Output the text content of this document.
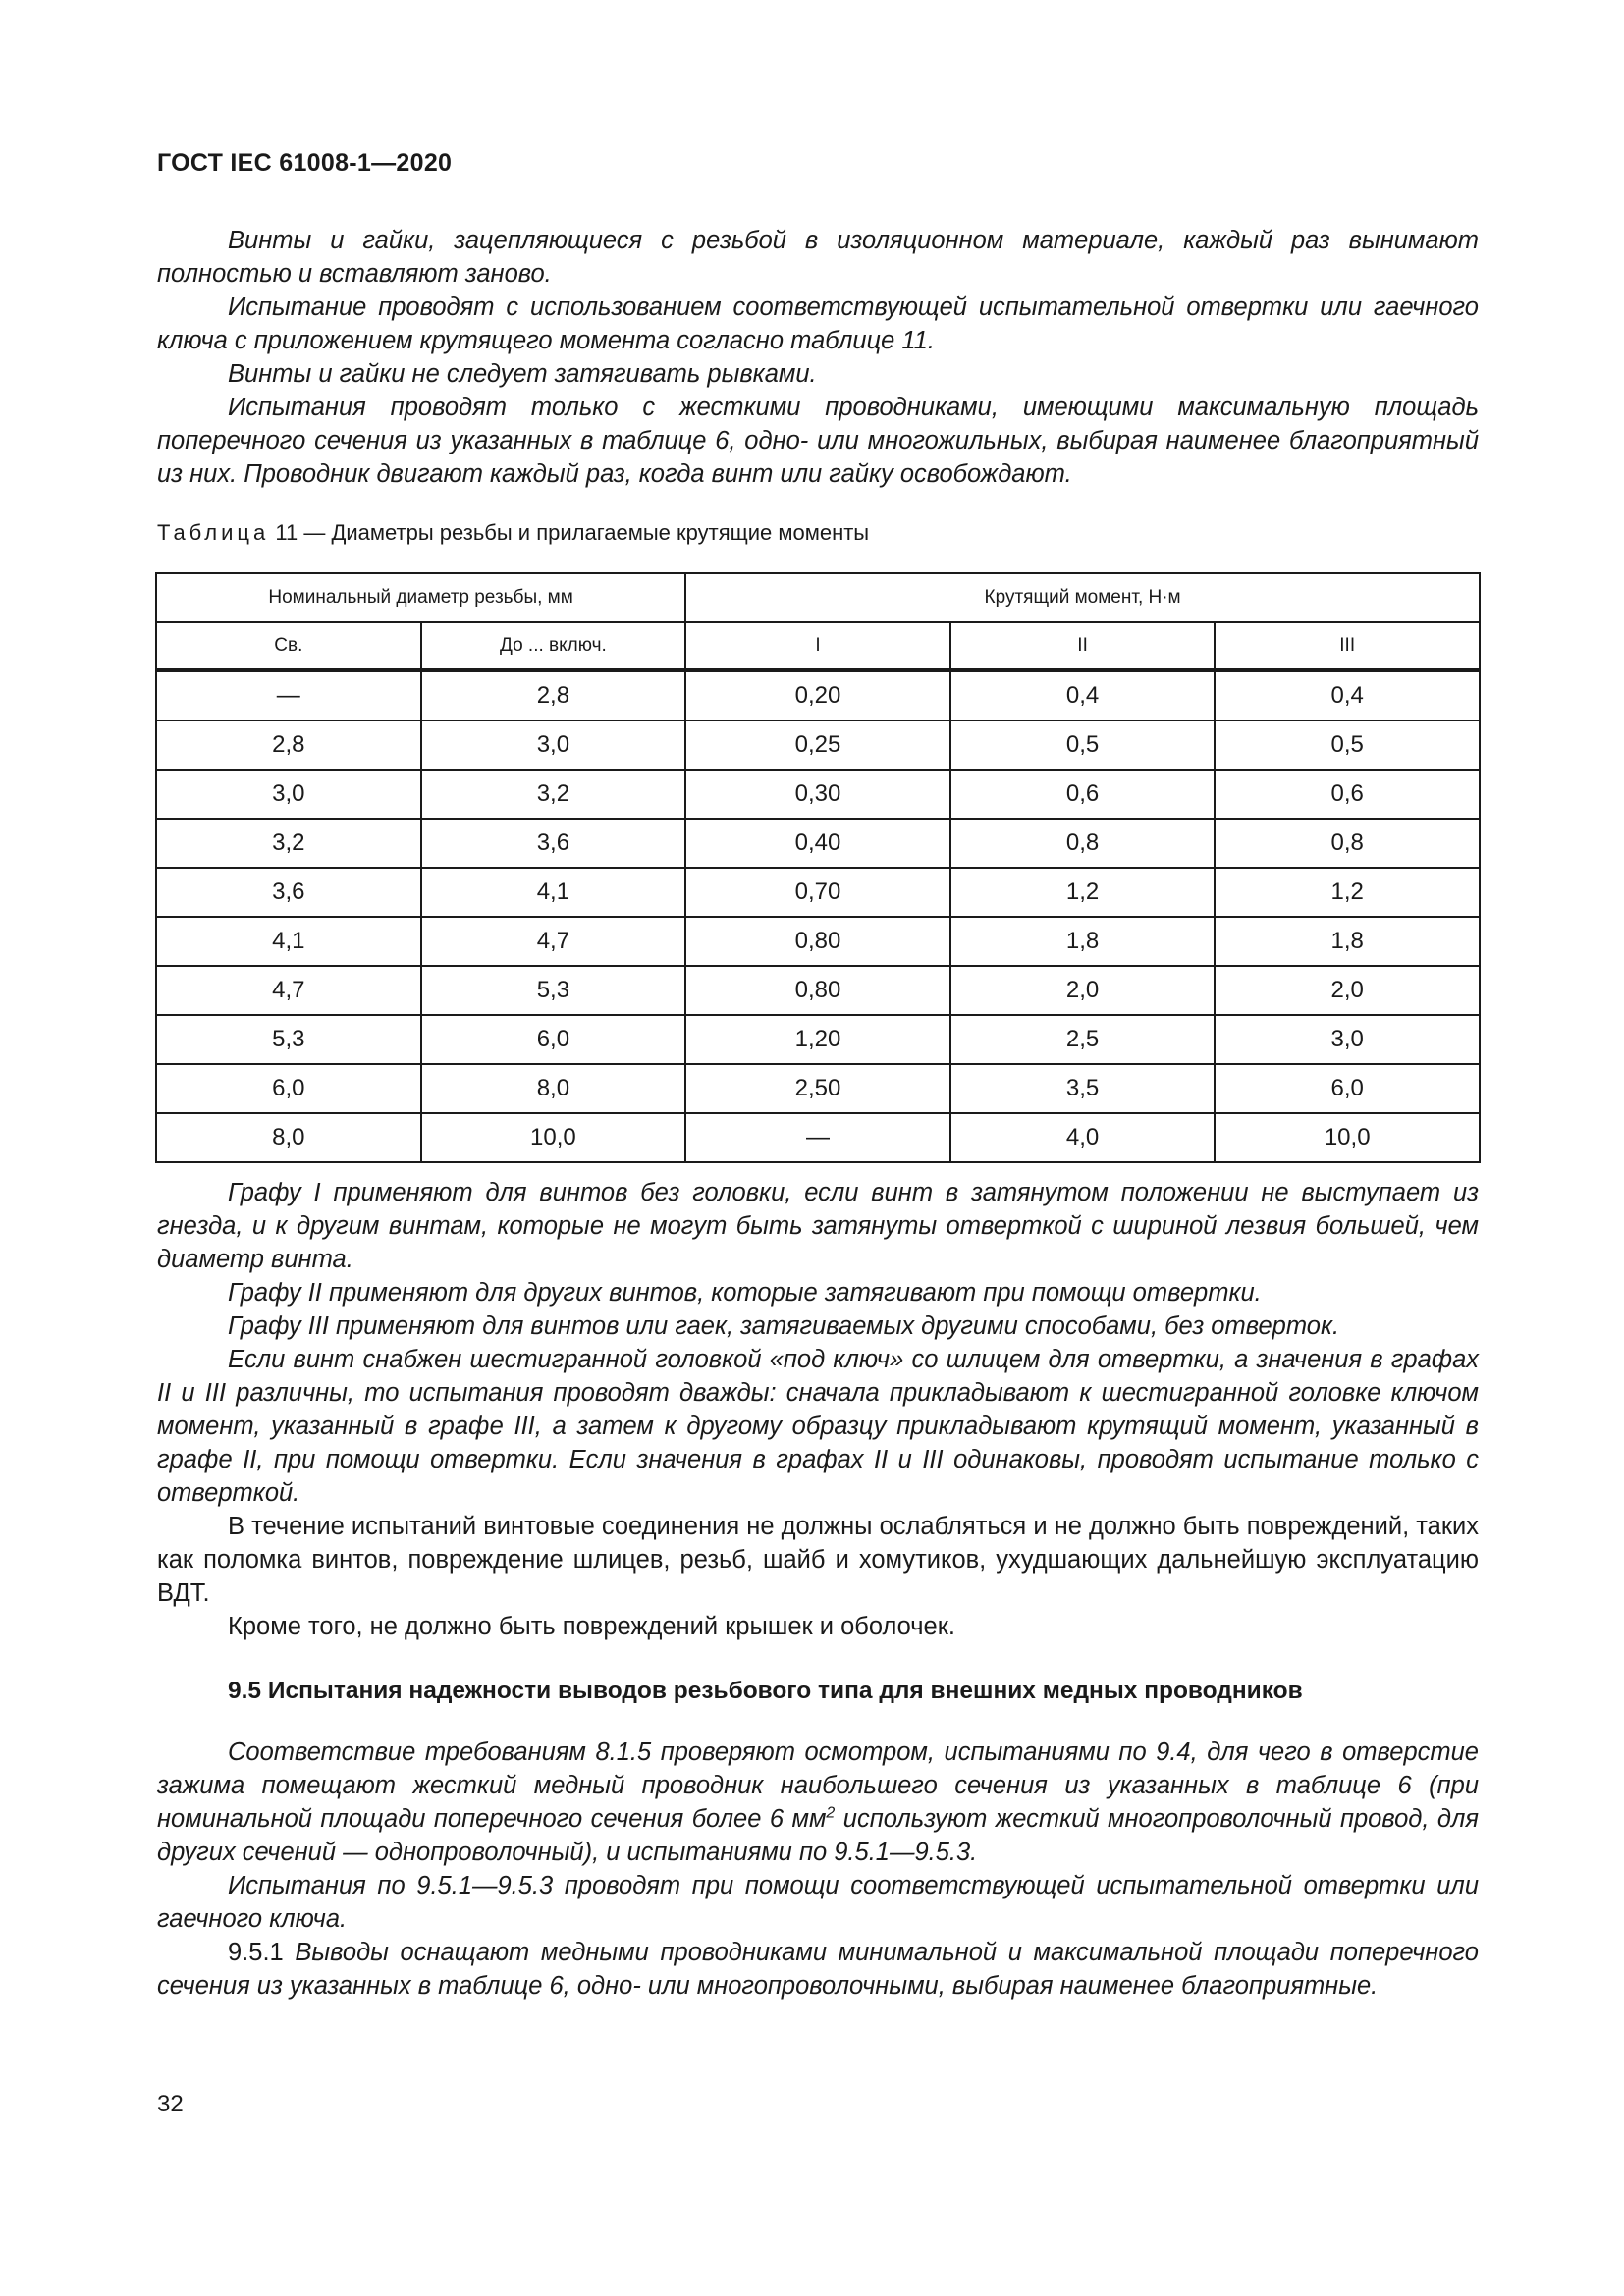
ГОСТ IEC 61008-1—2020

Винты и гайки, зацепляющиеся с резьбой в изоляционном материале, каждый раз вынимают полностью и вставляют заново.

Испытание проводят с использованием соответствующей испытательной отвертки или гаечного ключа с приложением крутящего момента согласно таблице 11.

Винты и гайки не следует затягивать рывками.

Испытания проводят только с жесткими проводниками, имеющими максимальную площадь поперечного сечения из указанных в таблице 6, одно- или многожильных, выбирая наименее благоприятный из них. Проводник двигают каждый раз, когда винт или гайку освобождают.

Таблица 11 — Диаметры резьбы и прилагаемые крутящие моменты
Номинальный диаметр резьбы, мм		Крутящий момент, Н·м		
Св.	До ... включ.	I	II	III
—	2,8	0,20	0,4	0,4
2,8	3,0	0,25	0,5	0,5
3,0	3,2	0,30	0,6	0,6
3,2	3,6	0,40	0,8	0,8
3,6	4,1	0,70	1,2	1,2
4,1	4,7	0,80	1,8	1,8
4,7	5,3	0,80	2,0	2,0
5,3	6,0	1,20	2,5	3,0
6,0	8,0	2,50	3,5	6,0
8,0	10,0	—	4,0	10,0

Графу I применяют для винтов без головки, если винт в затянутом положении не выступает из гнезда, и к другим винтам, которые не могут быть затянуты отверткой с шириной лезвия большей, чем диаметр винта.

Графу II применяют для других винтов, которые затягивают при помощи отвертки.

Графу III применяют для винтов или гаек, затягиваемых другими способами, без отверток.

Если винт снабжен шестигранной головкой «под ключ» со шлицем для отвертки, а значения в графах II и III различны, то испытания проводят дважды: сначала прикладывают к шестигранной головке ключом момент, указанный в графе III, а затем к другому образцу прикладывают крутящий момент, указанный в графе II, при помощи отвертки. Если значения в графах II и III одинаковы, проводят испытание только с отверткой.

В течение испытаний винтовые соединения не должны ослабляться и не должно быть повреждений, таких как поломка винтов, повреждение шлицев, резьб, шайб и хомутиков, ухудшающих дальнейшую эксплуатацию ВДТ.

Кроме того, не должно быть повреждений крышек и оболочек.

9.5 Испытания надежности выводов резьбового типа для внешних медных проводников

Соответствие требованиям 8.1.5 проверяют осмотром, испытаниями по 9.4, для чего в отверстие зажима помещают жесткий медный проводник наибольшего сечения из указанных в таблице 6 (при номинальной площади поперечного сечения более 6 $мм^2$ используют жесткий многопроволочный провод, для других сечений — однопроволочный), и испытаниями по 9.5.1—9.5.3.

Испытания по 9.5.1—9.5.3 проводят при помощи соответствующей испытательной отвертки или гаечного ключа.

9.5.1 Выводы оснащают медными проводниками минимальной и максимальной площади поперечного сечения из указанных в таблице 6, одно- или многопроволочными, выбирая наименее благоприятные.

32
